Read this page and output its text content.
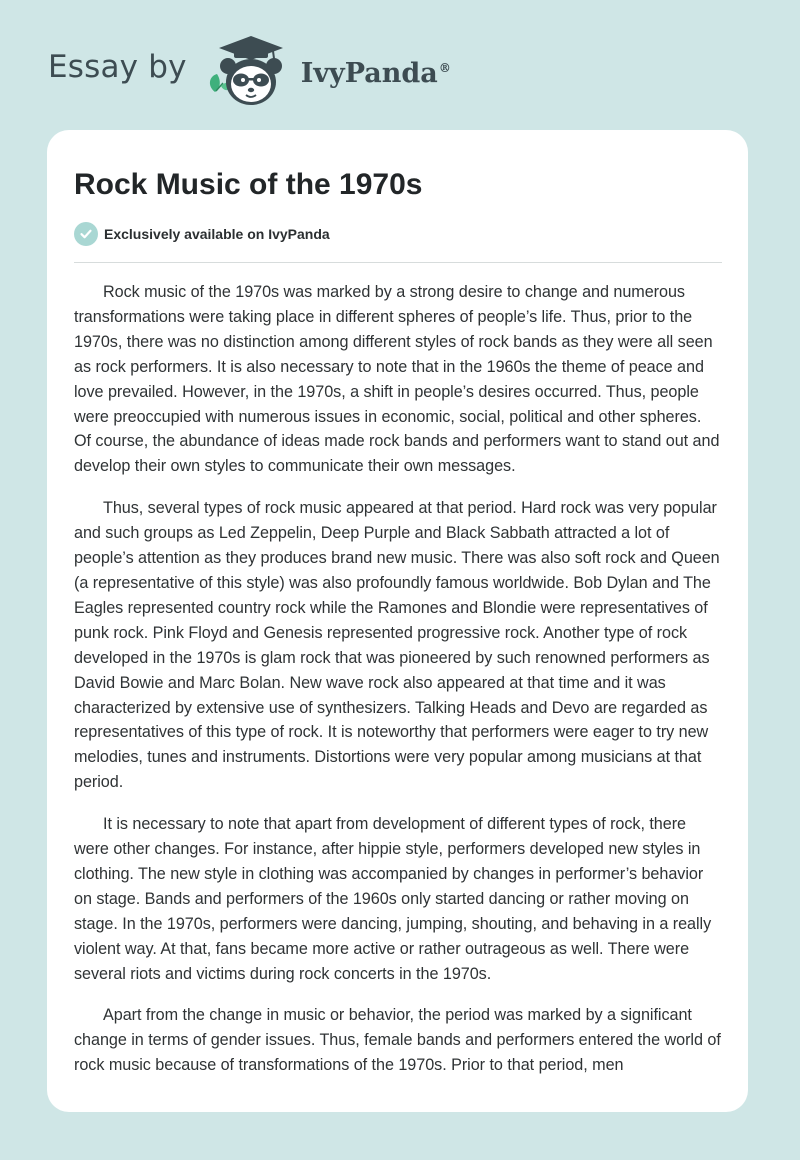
Essay by	IvyPanda®
Rock Music of the 1970s
Exclusively available on IvyPanda

Rock music of the 1970s was marked by a strong desire to change and numerous transformations were taking place in different spheres of people’s life. Thus, prior to the 1970s, there was no distinction among different styles of rock bands as they were all seen as rock performers. It is also necessary to note that in the 1960s the theme of peace and love prevailed. However, in the 1970s, a shift in people’s desires occurred. Thus, people were preoccupied with numerous issues in economic, social, political and other spheres. Of course, the abundance of ideas made rock bands and performers want to stand out and develop their own styles to communicate their own messages.

Thus, several types of rock music appeared at that period. Hard rock was very popular and such groups as Led Zeppelin, Deep Purple and Black Sabbath attracted a lot of people’s attention as they produces brand new music. There was also soft rock and Queen (a representative of this style) was also profoundly famous worldwide. Bob Dylan and The Eagles represented country rock while the Ramones and Blondie were representatives of punk rock. Pink Floyd and Genesis represented progressive rock. Another type of rock developed in the 1970s is glam rock that was pioneered by such renowned performers as David Bowie and Marc Bolan. New wave rock also appeared at that time and it was characterized by extensive use of synthesizers. Talking Heads and Devo are regarded as representatives of this type of rock. It is noteworthy that performers were eager to try new melodies, tunes and instruments. Distortions were very popular among musicians at that period.

It is necessary to note that apart from development of different types of rock, there were other changes. For instance, after hippie style, performers developed new styles in clothing. The new style in clothing was accompanied by changes in performer’s behavior on stage. Bands and performers of the 1960s only started dancing or rather moving on stage. In the 1970s, performers were dancing, jumping, shouting, and behaving in a really violent way. At that, fans became more active or rather outrageous as well. There were several riots and victims during rock concerts in the 1970s.

Apart from the change in music or behavior, the period was marked by a significant change in terms of gender issues. Thus, female bands and performers entered the world of rock music because of transformations of the 1970s. Prior to that period, men
